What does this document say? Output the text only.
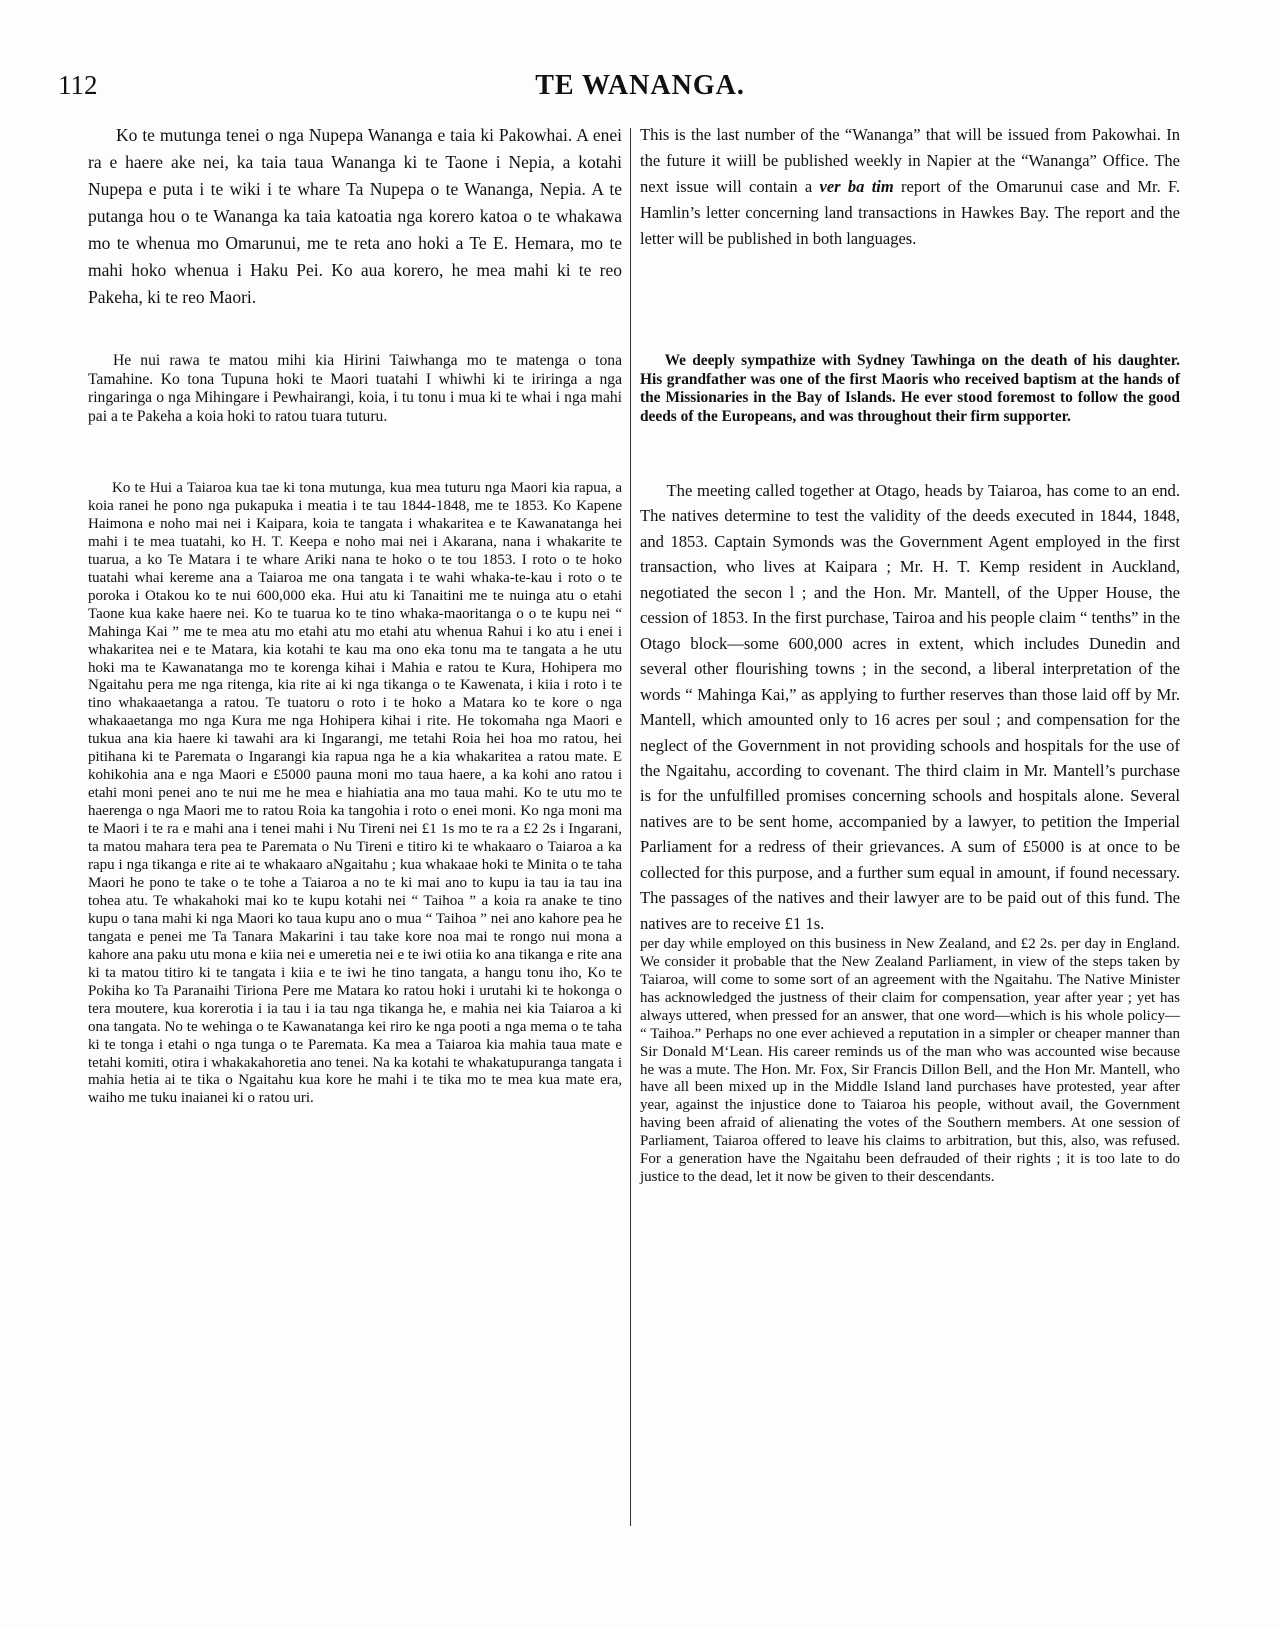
112	TE WANANGA.

Ko te mutunga tenei o nga Nupepa Wananga e taia ki Pakowhai. A enei ra e haere ake nei, ka taia taua Wananga ki te Taone i Nepia, a kotahi Nupepa e puta i te wiki i te whare Ta Nupepa o te Wananga, Nepia. A te putanga hou o te Wananga ka taia katoatia nga korero katoa o te whakawa mo te whenua mo Omarunui, me te reta ano hoki a Te E. Hemara, mo te mahi hoko whenua i Haku Pei. Ko aua korero, he mea mahi ki te reo Pakeha, ki te reo Maori.

He nui rawa te matou mihi kia Hirini Taiwhanga mo te matenga o tona Tamahine. Ko tona Tupuna hoki te Maori tuatahi I whiwhi ki te iriringa a nga ringaringa o nga Mihingare i Pewhairangi, koia, i tu tonu i mua ki te whai i nga mahi pai a te Pakeha a koia hoki to ratou tuara tuturu.

Ko te Hui a Taiaroa kua tae ki tona mutunga, kua mea tuturu nga Maori kia rapua, a koia ranei he pono nga pukapuka i meatia i te tau 1844-1848, me te 1853. Ko Kapene Haimona e noho mai nei i Kaipara, koia te tangata i whakaritea e te Kawanatanga hei mahi i te mea tuatahi, ko H. T. Keepa e noho mai nei i Akarana, nana i whakarite te tuarua, a ko Te Matara i te whare Ariki nana te hoko o te tou 1853. I roto o te hoko tuatahi whai kereme ana a Taiaroa me ona tangata i te wahi whaka-te-kau i roto o te poroka i Otakou ko te nui 600,000 eka. Hui atu ki Tanaitini me te nuinga atu o etahi Taone kua kake haere nei. Ko te tuarua ko te tino whaka-maoritanga o o te kupu nei “ Mahinga Kai ” me te mea atu mo etahi atu mo etahi atu whenua Rahui i ko atu i enei i whakaritea nei e te Matara, kia kotahi te kau ma ono eka tonu ma te tangata a he utu hoki ma te Kawanatanga mo te korenga kihai i Mahia e ratou te Kura, Hohipera mo Ngaitahu pera me nga ritenga, kia rite ai ki nga tikanga o te Kawenata, i kiia i roto i te tino whakaaetanga a ratou. Te tuatoru o roto i te hoko a Matara ko te kore o nga whakaaetanga mo nga Kura me nga Hohipera kihai i rite. He tokomaha nga Maori e tukua ana kia haere ki tawahi ara ki Ingarangi, me tetahi Roia hei hoa mo ratou, hei pitihana ki te Paremata o Ingarangi kia rapua nga he a kia whakaritea a ratou mate. E kohikohia ana e nga Maori e £5000 pauna moni mo taua haere, a ka kohi ano ratou i etahi moni penei ano te nui me he mea e hiahiatia ana mo taua mahi. Ko te utu mo te haerenga o nga Maori me to ratou Roia ka tangohia i roto o enei moni. Ko nga moni ma te Maori i te ra e mahi ana i tenei mahi i Nu Tireni nei £1 1s mo te ra a £2 2s i Ingarani, ta matou mahara tera pea te Paremata o Nu Tireni e titiro ki te whakaaro o Taiaroa a ka rapu i nga tikanga e rite ai te whakaaro aNgaitahu ; kua whakaae hoki te Minita o te taha Maori he pono te take o te tohe a Taiaroa a no te ki mai ano to kupu ia tau ia tau ina tohea atu. Te whakahoki mai ko te kupu kotahi nei “ Taihoa ” a koia ra anake te tino kupu o tana mahi ki nga Maori ko taua kupu ano o mua “ Taihoa ” nei ano kahore pea he tangata e penei me Ta Tanara Makarini i tau take kore noa mai te rongo nui mona a kahore ana paku utu mona e kiia nei e umeretia nei e te iwi otiia ko ana tikanga e rite ana ki ta matou titiro ki te tangata i kiia e te iwi he tino tangata, a hangu tonu iho, Ko te Pokiha ko Ta Paranaihi Tiriona Pere me Matara ko ratou hoki i urutahi ki te hokonga o tera moutere, kua korerotia i ia tau i ia tau nga tikanga he, e mahia nei kia Taiaroa a ki ona tangata. No te wehinga o te Kawanatanga kei riro ke nga pooti a nga mema o te taha ki te tonga i etahi o nga tunga o te Paremata. Ka mea a Taiaroa kia mahia taua mate e tetahi komiti, otira i whakakahoretia ano tenei. Na ka kotahi te whakatupuranga tangata i mahia hetia ai te tika o Ngaitahu kua kore he mahi i te tika mo te mea kua mate era, waiho me tuku inaianei ki o ratou uri.

This is the last number of the “Wananga” that will be issued from Pakowhai. In the future it wiill be published weekly in Napier at the “Wananga” Office. The next issue will contain a ver ba tim report of the Omarunui case and Mr. F. Hamlin’s letter concerning land transactions in Hawkes Bay. The report and the letter will be published in both languages.

We deeply sympathize with Sydney Tawhinga on the death of his daughter. His grandfather was one of the first Maoris who received baptism at the hands of the Missionaries in the Bay of Islands. He ever stood foremost to follow the good deeds of the Europeans, and was throughout their firm supporter.

The meeting called together at Otago, heads by Taiaroa, has come to an end. The natives determine to test the validity of the deeds executed in 1844, 1848, and 1853. Captain Symonds was the Government Agent employed in the first transaction, who lives at Kaipara ; Mr. H. T. Kemp resident in Auckland, negotiated the secon l ; and the Hon. Mr. Mantell, of the Upper House, the cession of 1853. In the first purchase, Tairoa and his people claim “ tenths” in the Otago block—some 600,000 acres in extent, which includes Dunedin and several other flourishing towns ; in the second, a liberal interpretation of the words “ Mahinga Kai,” as applying to further reserves than those laid off by Mr. Mantell, which amounted only to 16 acres per soul ; and compensation for the neglect of the Government in not providing schools and hospitals for the use of the Ngaitahu, according to covenant. The third claim in Mr. Mantell’s purchase is for the unfulfilled promises concerning schools and hospitals alone. Several natives are to be sent home, accompanied by a lawyer, to petition the Imperial Parliament for a redress of their grievances. A sum of £5000 is at once to be collected for this purpose, and a further sum equal in amount, if found necessary. The passages of the natives and their lawyer are to be paid out of this fund. The natives are to receive £1 1s.

per day while employed on this business in New Zealand, and £2 2s. per day in England. We consider it probable that the New Zealand Parliament, in view of the steps taken by Taiaroa, will come to some sort of an agreement with the Ngaitahu. The Native Minister has acknowledged the justness of their claim for compensation, year after year ; yet has always uttered, when pressed for an answer, that one word—which is his whole policy— “ Taihoa.” Perhaps no one ever achieved a reputation in a simpler or cheaper manner than Sir Donald M‘Lean. His career reminds us of the man who was accounted wise because he was a mute. The Hon. Mr. Fox, Sir Francis Dillon Bell, and the Hon Mr. Mantell, who have all been mixed up in the Middle Island land purchases have protested, year after year, against the injustice done to Taiaroa his people, without avail, the Government having been afraid of alienating the votes of the Southern members. At one session of Parliament, Taiaroa offered to leave his claims to arbitration, but this, also, was refused. For a generation have the Ngaitahu been defrauded of their rights ; it is too late to do justice to the dead, let it now be given to their descendants.
